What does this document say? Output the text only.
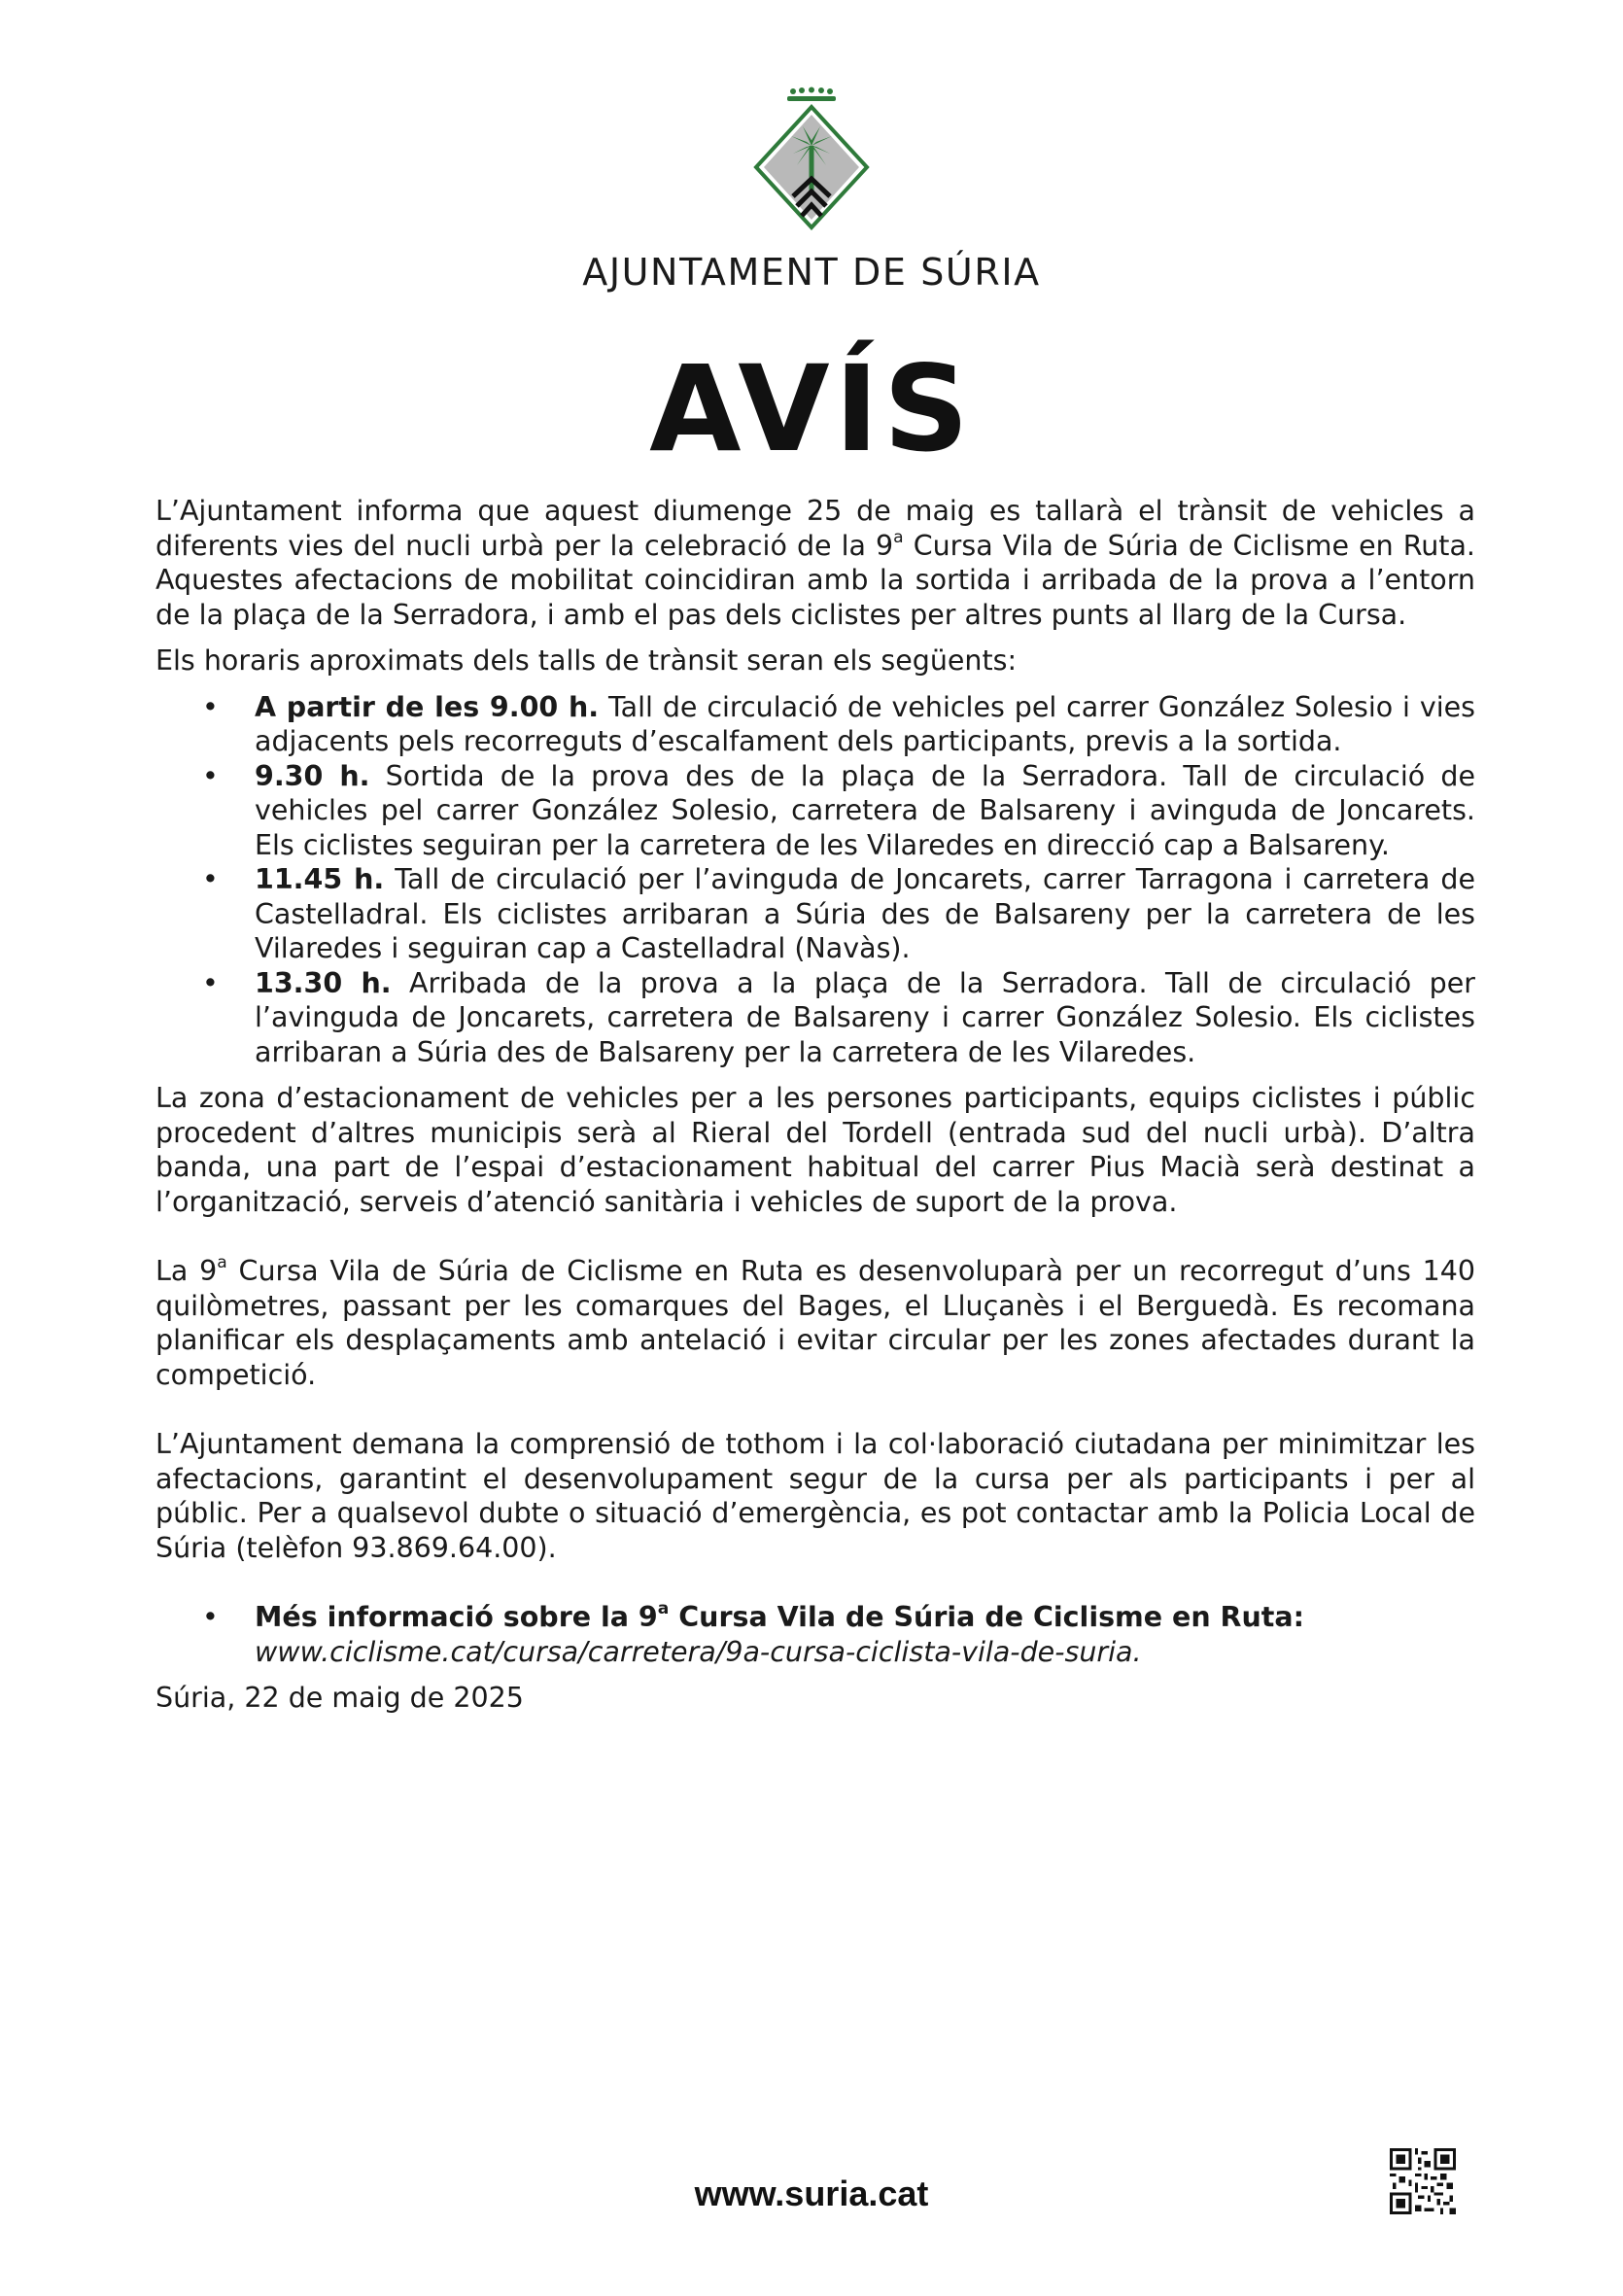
AJUNTAMENT DE SÚRIA
AVÍS

L’Ajuntament informa que aquest diumenge 25 de maig es tallarà el trànsit de vehicles a diferents vies del nucli urbà per la celebració de la 9$^a$ Cursa Vila de Súria de Ciclisme en Ruta. Aquestes afectacions de mobilitat coincidiran amb la sortida i arribada de la prova a l’entorn de la plaça de la Serradora, i amb el pas dels ciclistes per altres punts al llarg de la Cursa.

Els horaris aproximats dels talls de trànsit seran els següents:

• A partir de les 9.00 h. Tall de circulació de vehicles pel carrer González Solesio i vies adjacents pels recorreguts d’escalfament dels participants, previs a la sortida.
• 9.30 h. Sortida de la prova des de la plaça de la Serradora. Tall de circulació de vehicles pel carrer González Solesio, carretera de Balsareny i avinguda de Joncarets. Els ciclistes seguiran per la carretera de les Vilaredes en direcció cap a Balsareny.
• 11.45 h. Tall de circulació per l’avinguda de Joncarets, carrer Tarragona i carretera de Castelladral. Els ciclistes arribaran a Súria des de Balsareny per la carretera de les Vilaredes i seguiran cap a Castelladral (Navàs).
• 13.30 h. Arribada de la prova a la plaça de la Serradora. Tall de circulació per l’avinguda de Joncarets, carretera de Balsareny i carrer González Solesio. Els ciclistes arribaran a Súria des de Balsareny per la carretera de les Vilaredes.

La zona d’estacionament de vehicles per a les persones participants, equips ciclistes i públic procedent d’altres municipis serà al Rieral del Tordell (entrada sud del nucli urbà). D’altra banda, una part de l’espai d’estacionament habitual del carrer Pius Macià serà destinat a l’organització, serveis d’atenció sanitària i vehicles de suport de la prova.

La 9$^a$ Cursa Vila de Súria de Ciclisme en Ruta es desenvoluparà per un recorregut d’uns 140 quilòmetres, passant per les comarques del Bages, el Lluçanès i el Berguedà. Es recomana planificar els desplaçaments amb antelació i evitar circular per les zones afectades durant la competició.

L’Ajuntament demana la comprensió de tothom i la col·laboració ciutadana per minimitzar les afectacions, garantint el desenvolupament segur de la cursa per als participants i per al públic. Per a qualsevol dubte o situació d’emergència, es pot contactar amb la Policia Local de Súria (telèfon 93.869.64.00).

• Més informació sobre la 9$^a$ Cursa Vila de Súria de Ciclisme en Ruta:
www.ciclisme.cat/cursa/carretera/9a-cursa-ciclista-vila-de-suria.

Súria, 22 de maig de 2025

www.suria.cat
